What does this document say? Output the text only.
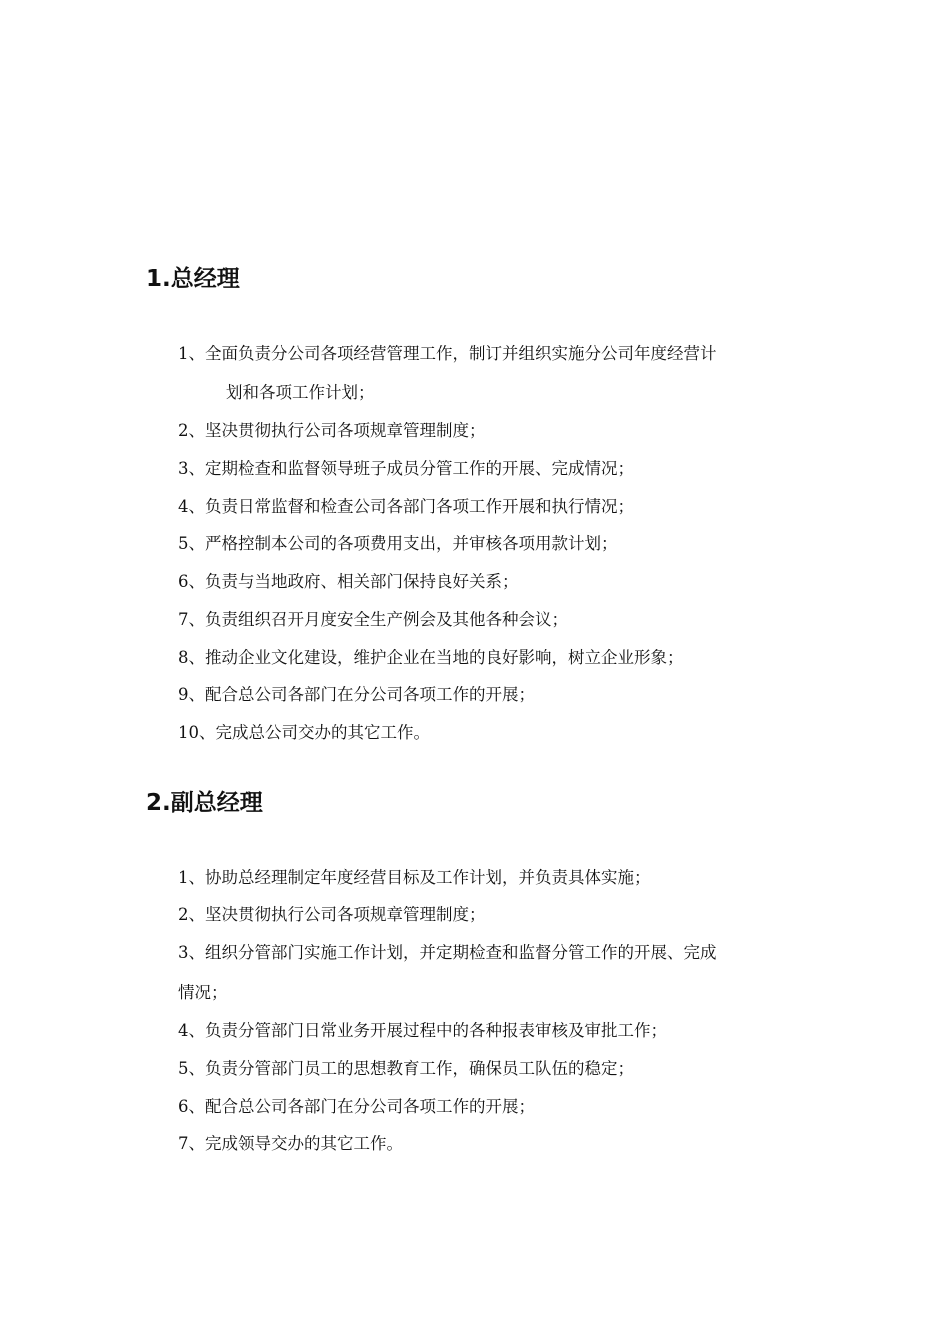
1.总经理

1、全面负责分公司各项经营管理工作，制订并组织实施分公司年度经营计

划和各项工作计划；

2、坚决贯彻执行公司各项规章管理制度；

3、定期检查和监督领导班子成员分管工作的开展、完成情况；

4、负责日常监督和检查公司各部门各项工作开展和执行情况；

5、严格控制本公司的各项费用支出，并审核各项用款计划；

6、负责与当地政府、相关部门保持良好关系；

7、负责组织召开月度安全生产例会及其他各种会议；

8、推动企业文化建设，维护企业在当地的良好影响，树立企业形象；

9、配合总公司各部门在分公司各项工作的开展；

10、完成总公司交办的其它工作。

2.副总经理

1、协助总经理制定年度经营目标及工作计划，并负责具体实施；

2、坚决贯彻执行公司各项规章管理制度；

3、组织分管部门实施工作计划，并定期检查和监督分管工作的开展、完成

情况；

4、负责分管部门日常业务开展过程中的各种报表审核及审批工作；

5、负责分管部门员工的思想教育工作，确保员工队伍的稳定；

6、配合总公司各部门在分公司各项工作的开展；

7、完成领导交办的其它工作。
